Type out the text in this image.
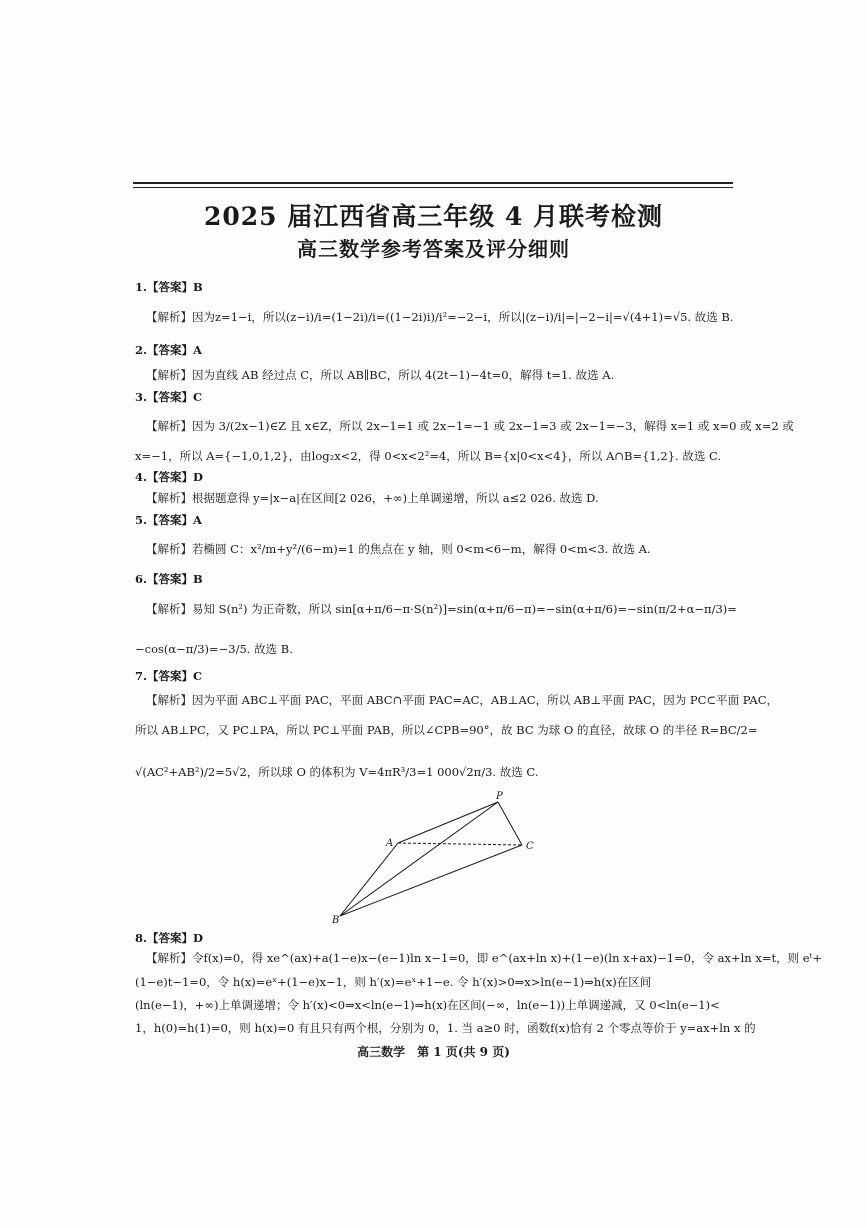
2025 届江西省高三年级 4 月联考检测
高三数学参考答案及评分细则
1.【答案】B
【解析】因为z=1−i，所以(z−i)/i=(1−2i)/i=((1−2i)i)/i²=−2−i，所以|(z−i)/i|=|−2−i|=√(4+1)=√5. 故选 B.
2.【答案】A
【解析】因为直线 AB 经过点 C，所以 AB∥BC，所以 4(2t−1)−4t=0，解得 t=1. 故选 A.
3.【答案】C
【解析】因为 3/(2x−1)∈Z 且 x∈Z，所以 2x−1=1 或 2x−1=−1 或 2x−1=3 或 2x−1=−3，解得 x=1 或 x=0 或 x=2 或
x=−1，所以 A={−1,0,1,2}，由log₂x<2，得 0<x<2²=4，所以 B={x|0<x<4}，所以 A∩B={1,2}. 故选 C.
4.【答案】D
【解析】根据题意得 y=|x−a|在区间[2 026，+∞)上单调递增，所以 a≤2 026. 故选 D.
5.【答案】A
【解析】若椭圆 C：x²/m+y²/(6−m)=1 的焦点在 y 轴，则 0<m<6−m，解得 0<m<3. 故选 A.
6.【答案】B
【解析】易知 S(n²) 为正奇数，所以 sin[α+π/6−π·S(n²)]=sin(α+π/6−π)=−sin(α+π/6)=−sin(π/2+α−π/3)=
−cos(α−π/3)=−3/5. 故选 B.
7.【答案】C
【解析】因为平面 ABC⊥平面 PAC，平面 ABC∩平面 PAC=AC，AB⊥AC，所以 AB⊥平面 PAC，因为 PC⊂平面 PAC，
所以 AB⊥PC，又 PC⊥PA，所以 PC⊥平面 PAB，所以∠CPB=90°，故 BC 为球 O 的直径，故球 O 的半径 R=BC/2=
√(AC²+AB²)/2=5√2，所以球 O 的体积为 V=4πR³/3=1 000√2π/3. 故选 C.
P
A	C
B
8.【答案】D
【解析】令f(x)=0，得 xe^(ax)+a(1−e)x−(e−1)ln x−1=0，即 e^(ax+ln x)+(1−e)(ln x+ax)−1=0，令 ax+ln x=t，则 eᵗ+
(1−e)t−1=0，令 h(x)=eˣ+(1−e)x−1，则 h′(x)=eˣ+1−e. 令 h′(x)>0⇒x>ln(e−1)⇒h(x)在区间
(ln(e−1)，+∞)上单调递增；令 h′(x)<0⇒x<ln(e−1)⇒h(x)在区间(−∞，ln(e−1))上单调递减，又 0<ln(e−1)<
1，h(0)=h(1)=0，则 h(x)=0 有且只有两个根，分别为 0，1. 当 a≥0 时，函数f(x)恰有 2 个零点等价于 y=ax+ln x 的
高三数学　第 1 页(共 9 页)
